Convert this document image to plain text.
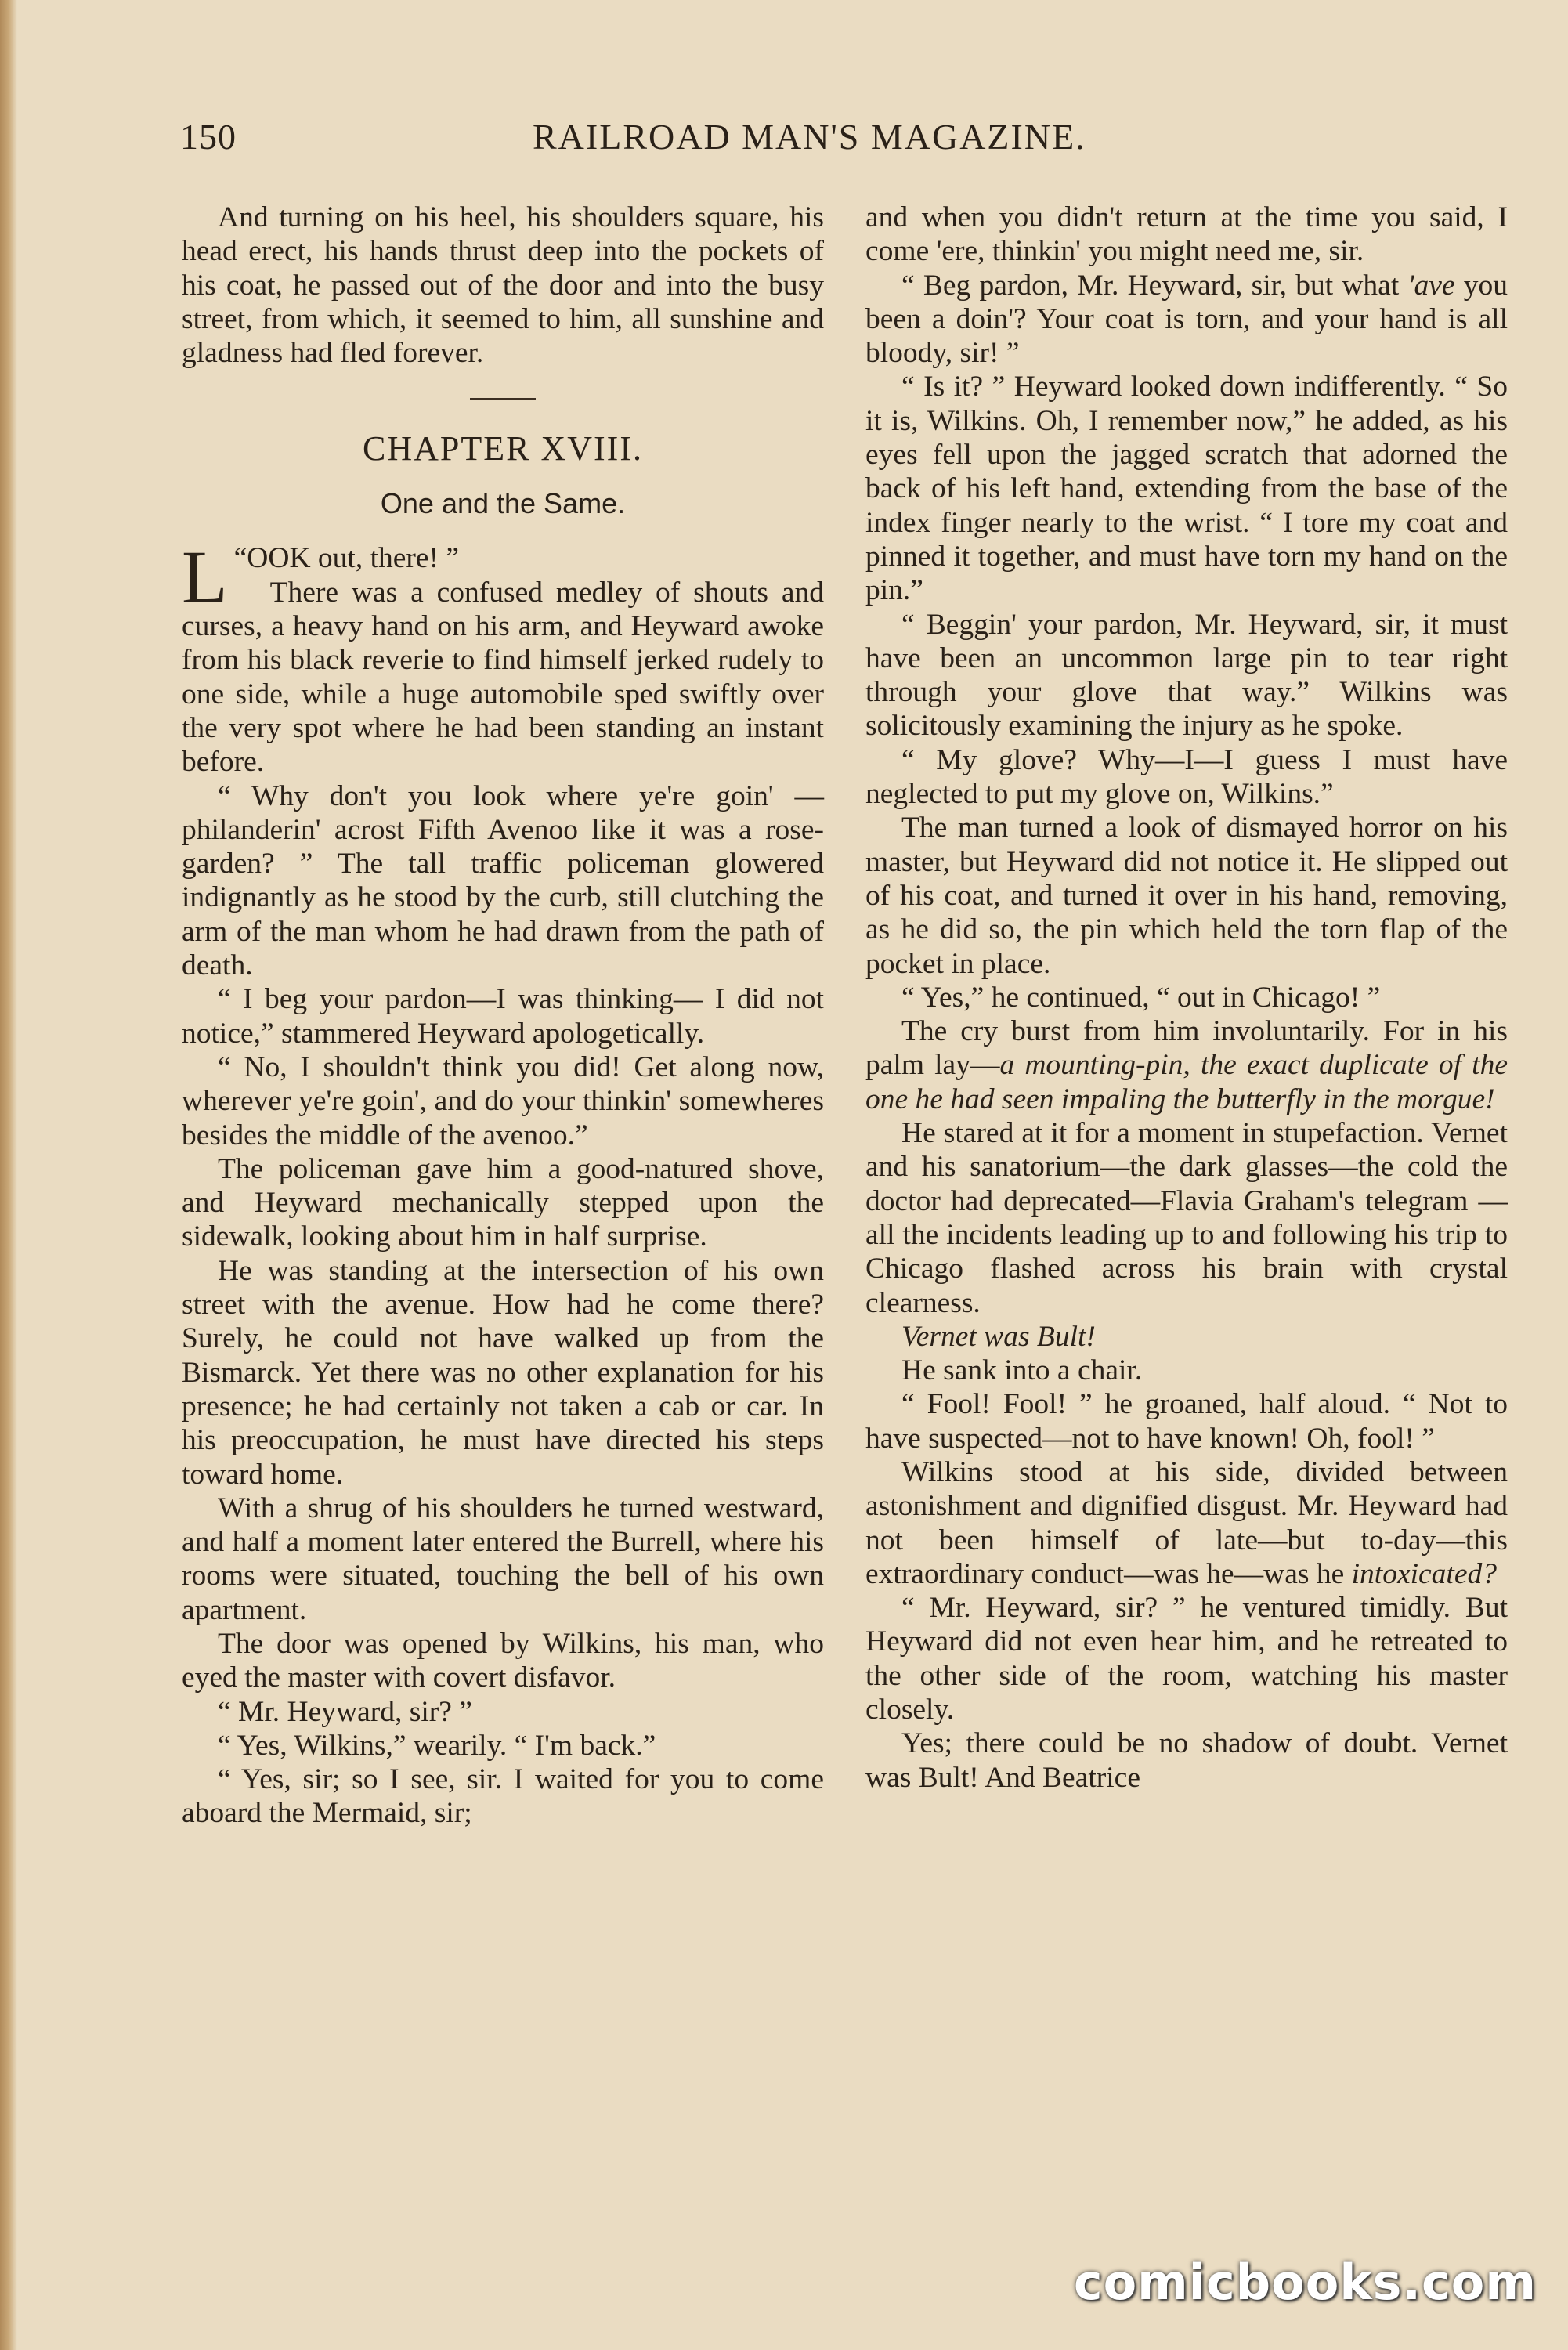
150	RAILROAD MAN'S MAGAZINE.

And turning on his heel, his shoulders square, his head erect, his hands thrust deep into the pockets of his coat, he passed out of the door and into the busy street, from which, it seemed to him, all sunshine and gladness had fled forever.

CHAPTER XVIII.

One and the Same.

“
L OOK out, there! ”

There was a confused medley of shouts and curses, a heavy hand on his arm, and Heyward awoke from his black reverie to find himself jerked rudely to one side, while a huge automobile sped swiftly over the very spot where he had been standing an instant before.

“ Why don't you look where ye're goin' —philanderin' acrost Fifth Avenoo like it was a rose-garden? ” The tall traffic policeman glowered indignantly as he stood by the curb, still clutching the arm of the man whom he had drawn from the path of death.

“ I beg your pardon—I was thinking— I did not notice,” stammered Heyward apologetically.

“ No, I shouldn't think you did! Get along now, wherever ye're goin', and do your thinkin' somewheres besides the middle of the avenoo.”

The policeman gave him a good-natured shove, and Heyward mechanically stepped upon the sidewalk, looking about him in half surprise.

He was standing at the intersection of his own street with the avenue. How had he come there? Surely, he could not have walked up from the Bismarck. Yet there was no other explanation for his presence; he had certainly not taken a cab or car. In his preoccupation, he must have directed his steps toward home.

With a shrug of his shoulders he turned westward, and half a moment later entered the Burrell, where his rooms were situated, touching the bell of his own apartment.

The door was opened by Wilkins, his man, who eyed the master with covert disfavor.

“ Mr. Heyward, sir? ”

“ Yes, Wilkins,” wearily. “ I'm back.”

“ Yes, sir; so I see, sir. I waited for you to come aboard the Mermaid, sir;

and when you didn't return at the time you said, I come 'ere, thinkin' you might need me, sir.

“ Beg pardon, Mr. Heyward, sir, but what 'ave you been a doin'? Your coat is torn, and your hand is all bloody, sir! ”

“ Is it? ” Heyward looked down indifferently. “ So it is, Wilkins. Oh, I remember now,” he added, as his eyes fell upon the jagged scratch that adorned the back of his left hand, extending from the base of the index finger nearly to the wrist. “ I tore my coat and pinned it together, and must have torn my hand on the pin.”

“ Beggin' your pardon, Mr. Heyward, sir, it must have been an uncommon large pin to tear right through your glove that way.” Wilkins was solicitously examining the injury as he spoke.

“ My glove? Why—I—I guess I must have neglected to put my glove on, Wilkins.”

The man turned a look of dismayed horror on his master, but Heyward did not notice it. He slipped out of his coat, and turned it over in his hand, removing, as he did so, the pin which held the torn flap of the pocket in place.

“ Yes,” he continued, “ out in Chicago! ”

The cry burst from him involuntarily. For in his palm lay—a mounting-pin, the exact duplicate of the one he had seen impaling the butterfly in the morgue!

He stared at it for a moment in stupefaction. Vernet and his sanatorium—the dark glasses—the cold the doctor had deprecated—Flavia Graham's telegram —all the incidents leading up to and following his trip to Chicago flashed across his brain with crystal clearness.

Vernet was Bult!

He sank into a chair.

“ Fool! Fool! ” he groaned, half aloud. “ Not to have suspected—not to have known! Oh, fool! ”

Wilkins stood at his side, divided between astonishment and dignified disgust. Mr. Heyward had not been himself of late—but to-day—this extraordinary conduct—was he—was he intoxicated?

“ Mr. Heyward, sir? ” he ventured timidly. But Heyward did not even hear him, and he retreated to the other side of the room, watching his master closely.

Yes; there could be no shadow of doubt. Vernet was Bult! And Beatrice

comicbooks.com
